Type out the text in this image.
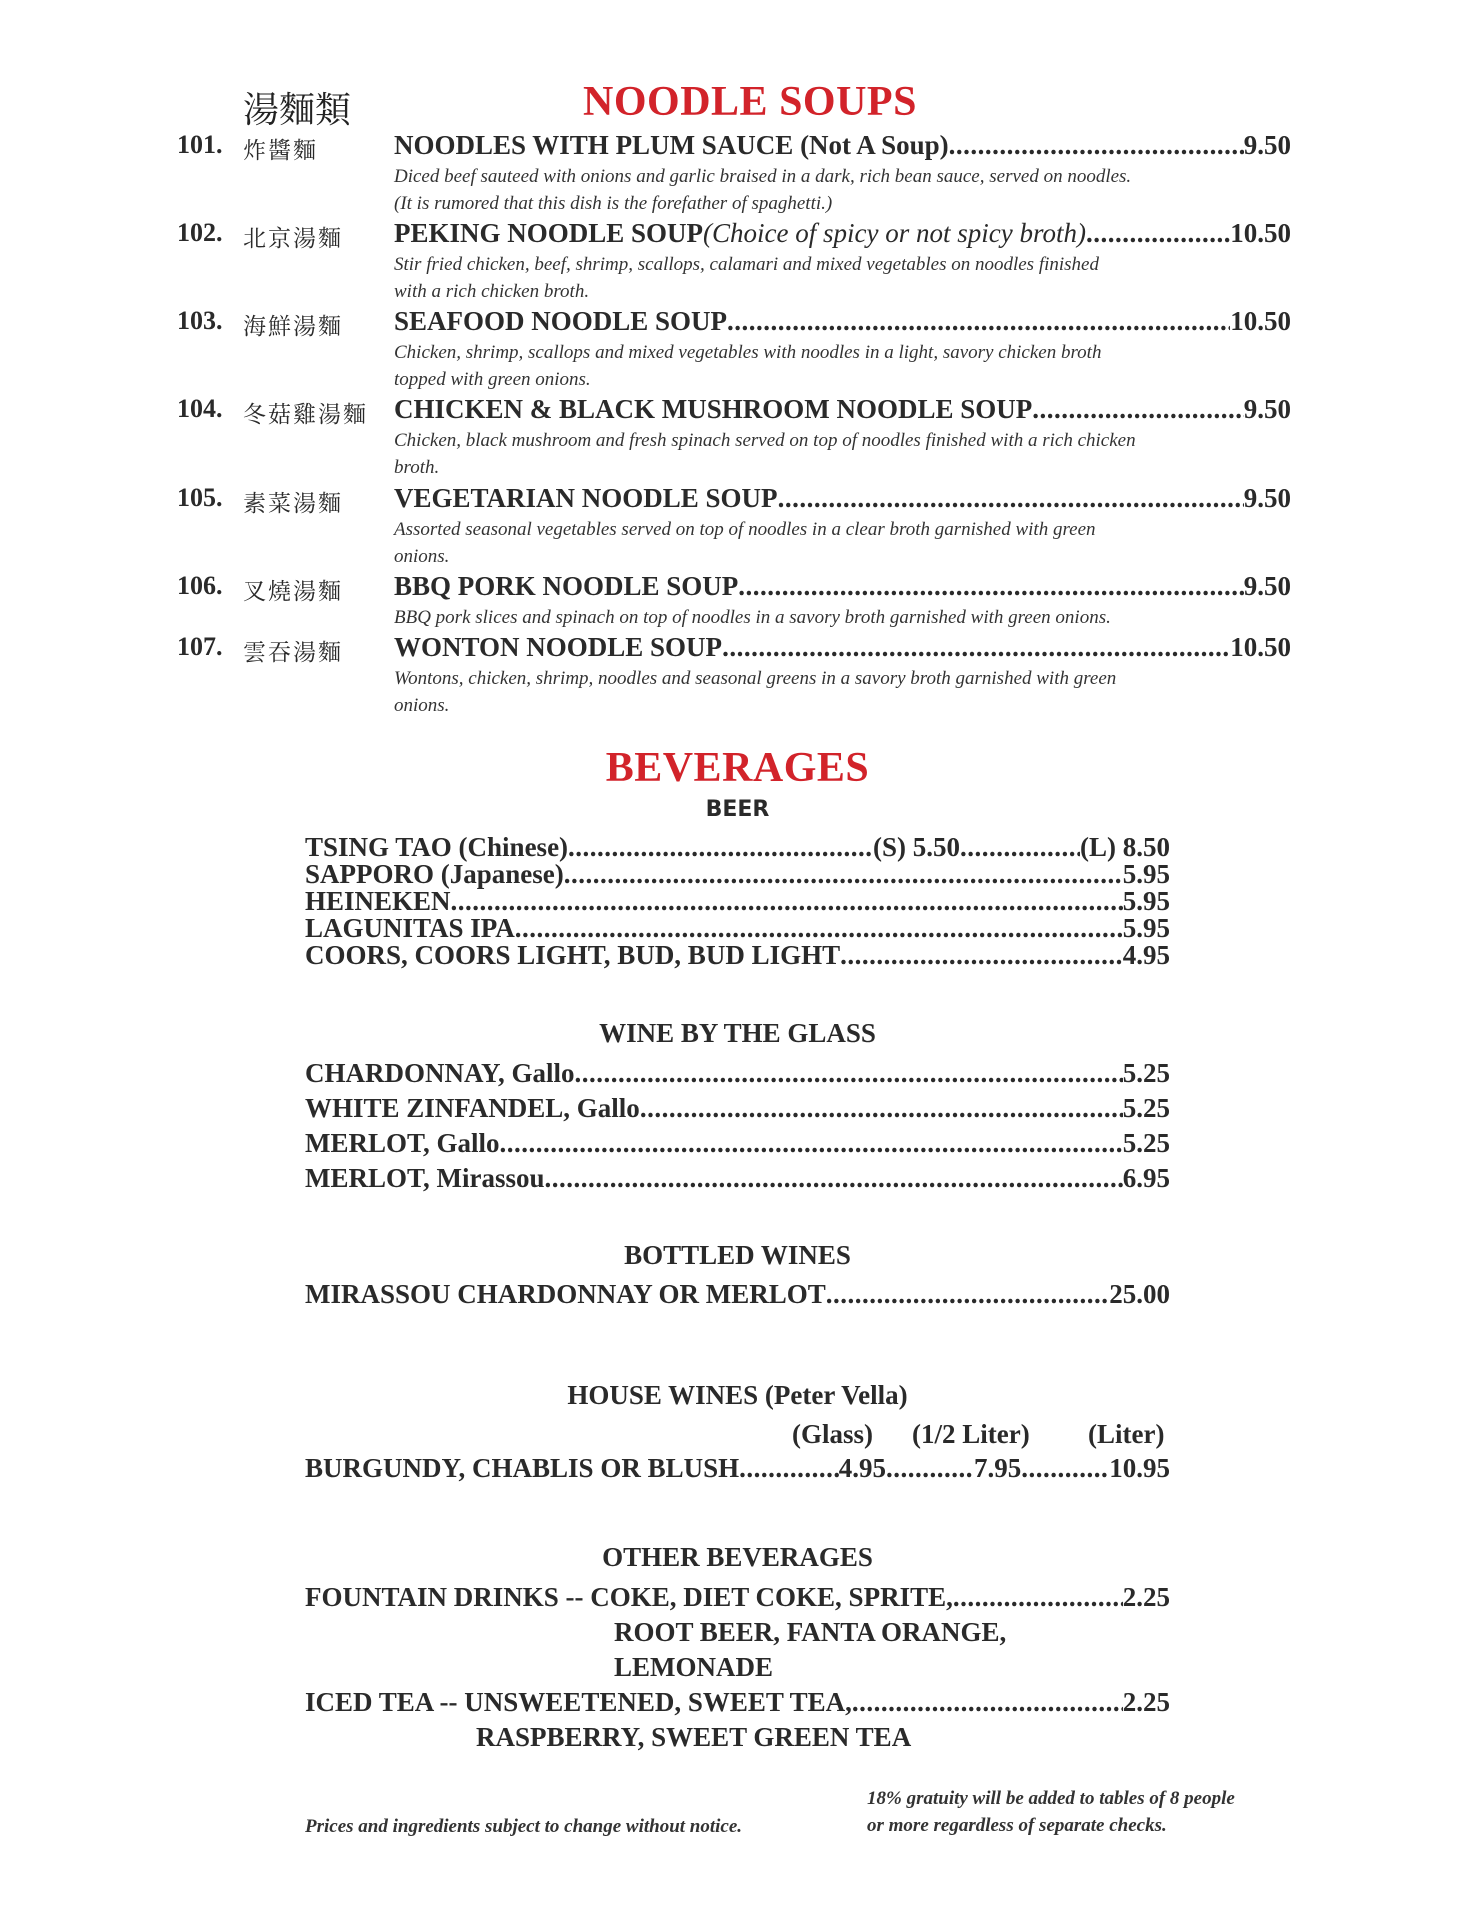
湯麵類	NOODLE SOUPS
101. 炸醬麵	NOODLES WITH PLUM SAUCE (Not A Soup) .....	9.50
Diced beef sauteed with onions and garlic braised in a dark, rich bean sauce, served on noodles.
(It is rumored that this dish is the forefather of spaghetti.)
102. 北京湯麵 PEKING NOODLE SOUP (Choice of spicy or not spicy broth) .....	10.50
Stir fried chicken, beef, shrimp, scallops, calamari and mixed vegetables on noodles finished
with a rich chicken broth.
103. 海鮮湯麵 SEAFOOD NOODLE SOUP .....	10.50
Chicken, shrimp, scallops and mixed vegetables with noodles in a light, savory chicken broth
topped with green onions.
104. 冬菇雞湯麵 CHICKEN & BLACK MUSHROOM NOODLE SOUP .....	9.50
Chicken, black mushroom and fresh spinach served on top of noodles finished with a rich chicken
broth.
105. 素菜湯麵 VEGETARIAN NOODLE SOUP .....	9.50
Assorted seasonal vegetables served on top of noodles in a clear broth garnished with green
onions.
106. 叉燒湯麵 BBQ PORK NOODLE SOUP .....	9.50
BBQ pork slices and spinach on top of noodles in a savory broth garnished with green onions.
107. 雲吞湯麵 WONTON NOODLE SOUP .....	10.50
Wontons, chicken, shrimp, noodles and seasonal greens in a savory broth garnished with green
onions.
BEVERAGES
BEER
TSING TAO (Chinese) .....	(S) 5.50 .....	(L) 8.50
SAPPORO (Japanese) .....	5.95
HEINEKEN .....	5.95
LAGUNITAS IPA .....	5.95
COORS, COORS LIGHT, BUD, BUD LIGHT .....	4.95
WINE BY THE GLASS
CHARDONNAY, Gallo .....	5.25
WHITE ZINFANDEL, Gallo .....	5.25
MERLOT, Gallo .....	5.25
MERLOT, Mirassou .....	6.95
BOTTLED WINES
MIRASSOU CHARDONNAY OR MERLOT .....	25.00
HOUSE WINES (Peter Vella)
(Glass) (1/2 Liter) (Liter)
BURGUNDY, CHABLIS OR BLUSH .....	4.95 .....	7.95 .....	10.95
OTHER BEVERAGES
FOUNTAIN DRINKS -- COKE, DIET COKE, SPRITE, .....	2.25
ROOT BEER, FANTA ORANGE,
LEMONADE
ICED TEA -- UNSWEETENED, SWEET TEA, .....	2.25
RASPBERRY, SWEET GREEN TEA
Prices and ingredients subject to change without notice.
18% gratuity will be added to tables of 8 people
or more regardless of separate checks.
